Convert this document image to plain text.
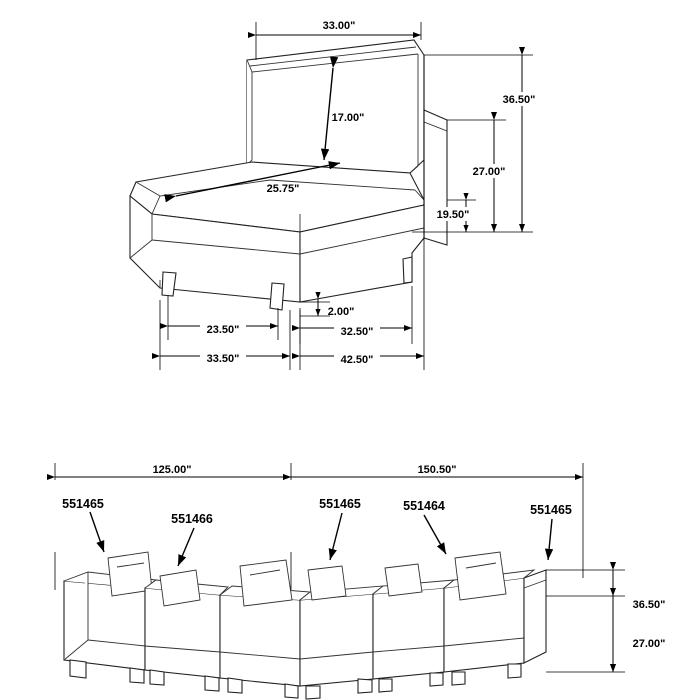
33.00"
17.00"
25.75"
36.50"
27.00"
19.50"
2.00"
23.50"	32.50"
33.50"	42.50"
125.00"	150.50"
36.50"
27.00"
551465
551466
551465	551464	551465
